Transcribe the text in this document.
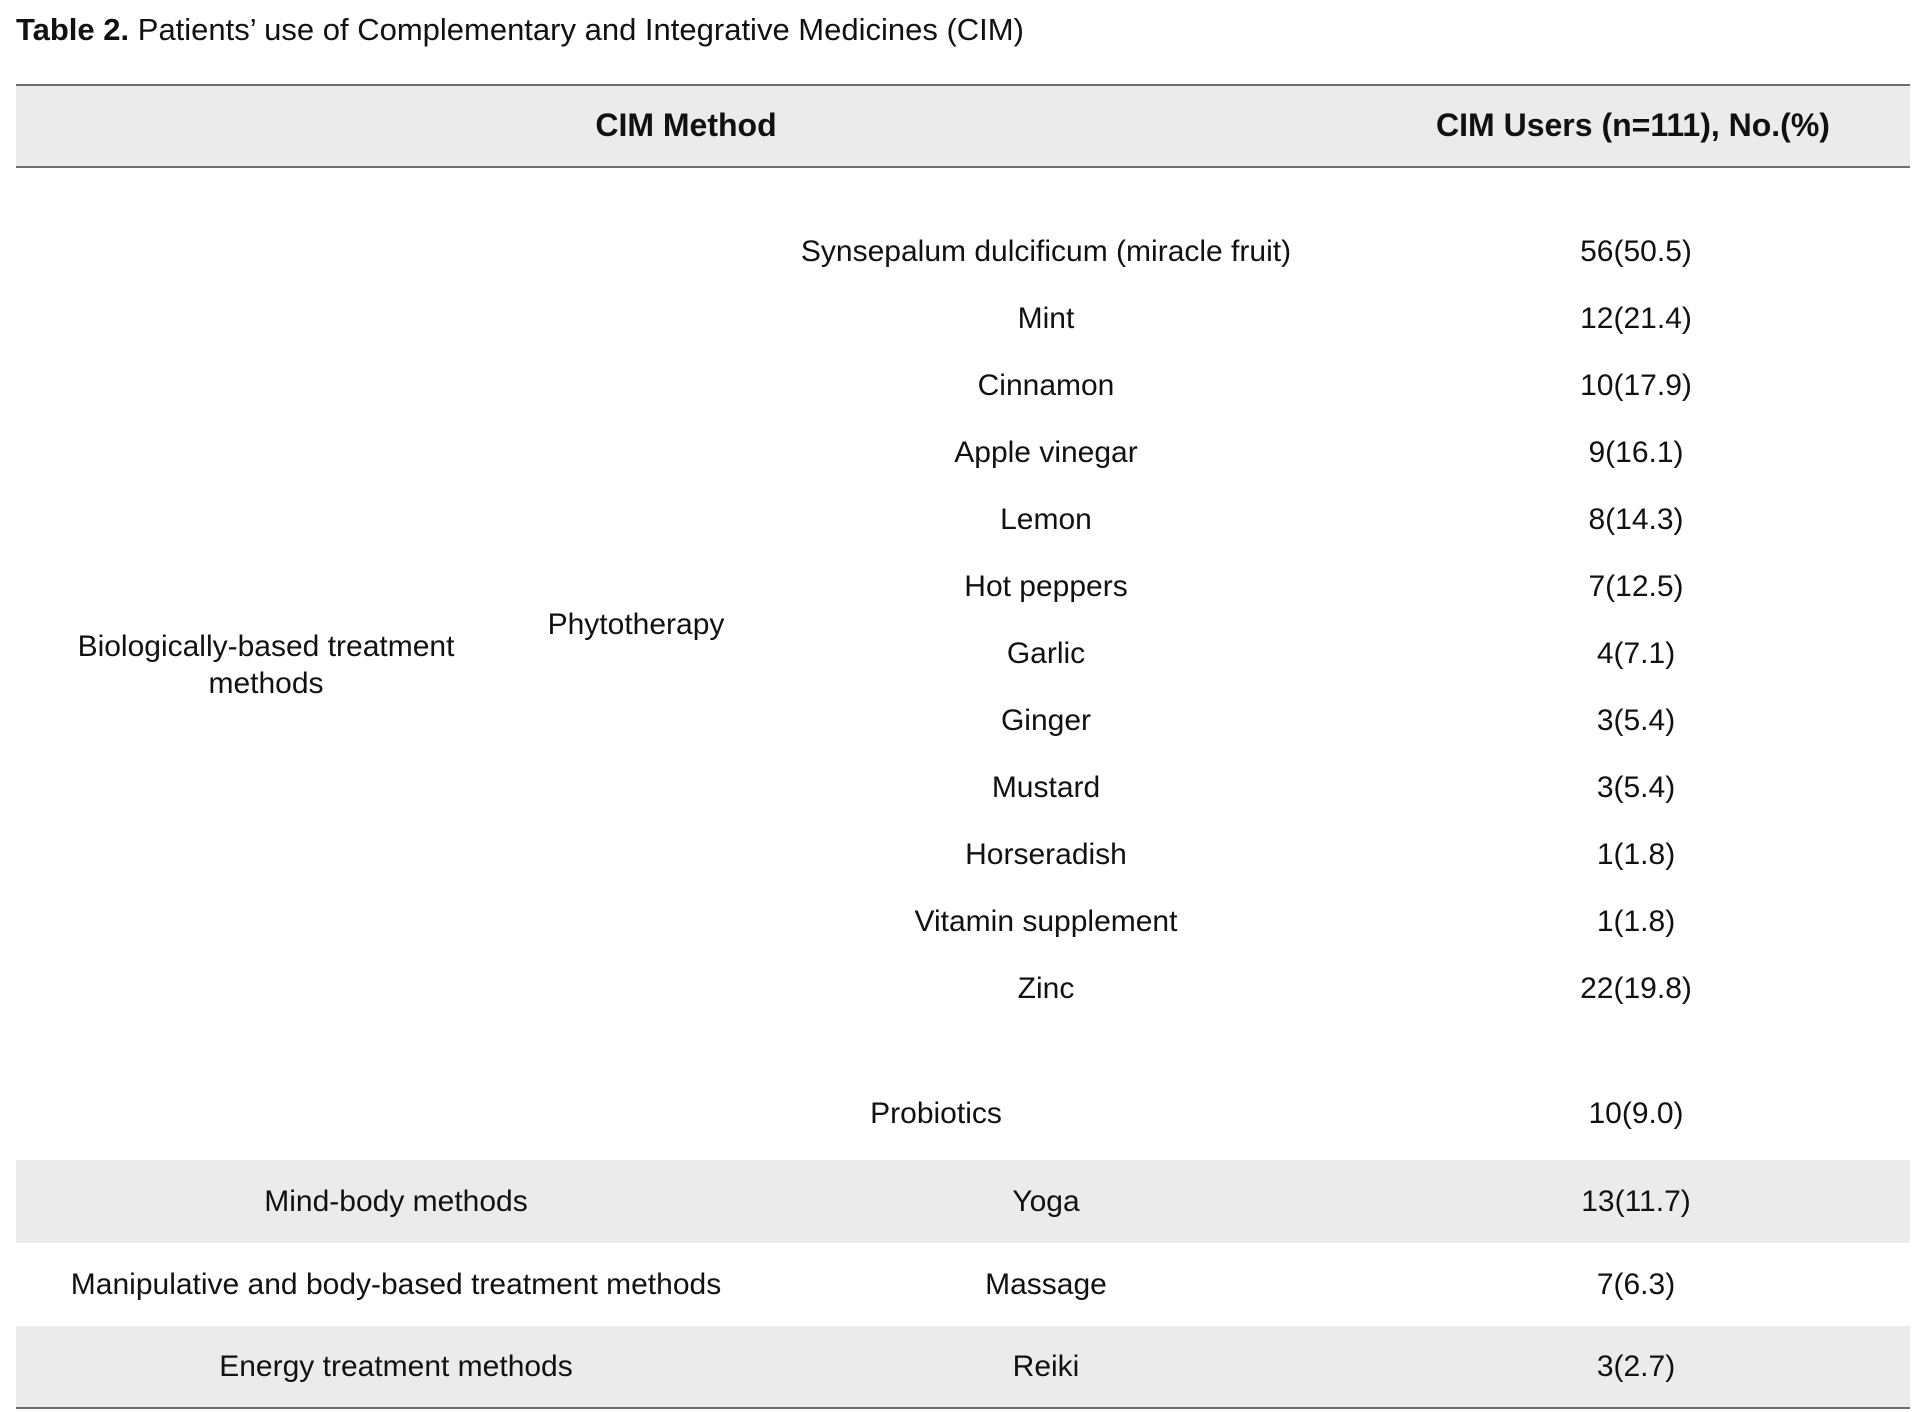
Table 2. Patients’ use of Complementary and Integrative Medicines (CIM)
CIM Method	CIM Users (n=111), No.(%)
Biologically-based treatment methods
Phytotherapy
Synsepalum dulcificum (miracle fruit)	56(50.5)
Mint	12(21.4)
Cinnamon	10(17.9)
Apple vinegar	9(16.1)
Lemon	8(14.3)
Hot peppers	7(12.5)
Garlic	4(7.1)
Ginger	3(5.4)
Mustard	3(5.4)
Horseradish	1(1.8)
Vitamin supplement	1(1.8)
Zinc	22(19.8)
Probiotics	10(9.0)
Mind-body methods	Yoga	13(11.7)
Manipulative and body-based treatment methods	Massage	7(6.3)
Energy treatment methods	Reiki	3(2.7)
